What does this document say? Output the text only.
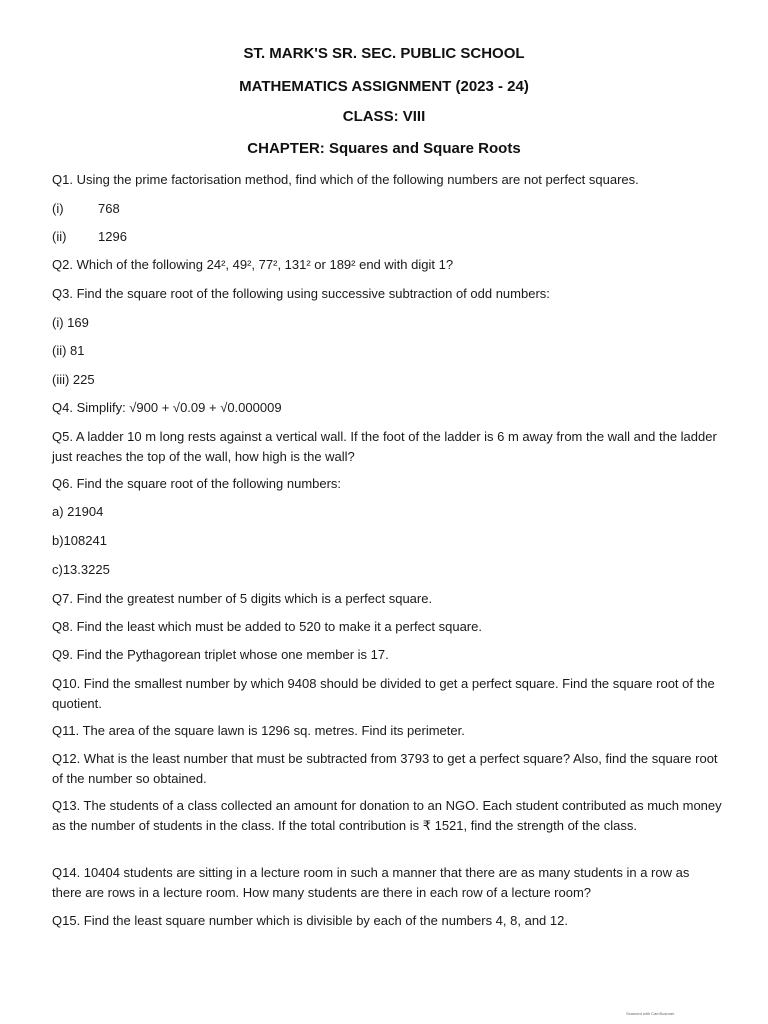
ST. MARK'S SR. SEC. PUBLIC SCHOOL
MATHEMATICS ASSIGNMENT (2023 - 24)
CLASS: VIII
CHAPTER: Squares and Square Roots
Q1. Using the prime factorisation method, find which of the following numbers are not perfect squares.
(i)	768
(ii) 1296
Q2. Which of the following 24², 49², 77², 131² or 189² end with digit 1?
Q3. Find the square root of the following using successive subtraction of odd numbers:
(i) 169
(ii) 81
(iii) 225
Q4. Simplify: √900 + √0.09 + √0.000009
Q5. A ladder 10 m long rests against a vertical wall. If the foot of the ladder is 6 m away from the wall and the ladder just reaches the top of the wall, how high is the wall?
Q6. Find the square root of the following numbers:
a) 21904
b)108241
c)13.3225
Q7. Find the greatest number of 5 digits which is a perfect square.
Q8. Find the least which must be added to 520 to make it a perfect square.
Q9. Find the Pythagorean triplet whose one member is 17.
Q10. Find the smallest number by which 9408 should be divided to get a perfect square. Find the square root of the quotient.
Q11. The area of the square lawn is 1296 sq. metres. Find its perimeter.
Q12. What is the least number that must be subtracted from 3793 to get a perfect square? Also, find the square root of the number so obtained.
Q13. The students of a class collected an amount for donation to an NGO. Each student contributed as much money as the number of students in the class. If the total contribution is ₹ 1521, find the strength of the class.
Q14. 10404 students are sitting in a lecture room in such a manner that there are as many students in a row as there are rows in a lecture room. How many students are there in each row of a lecture room?
Q15. Find the least square number which is divisible by each of the numbers 4, 8, and 12.
Scanned with CamScanner
